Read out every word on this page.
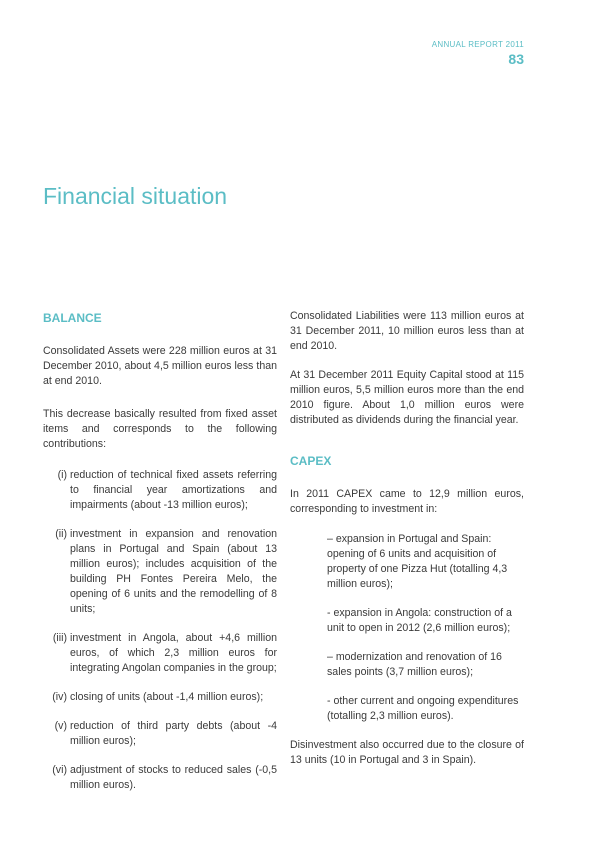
ANNUAL REPORT 2011
83
Financial situation
BALANCE

Consolidated Assets were 228 million euros at 31 December 2010, about 4,5 million euros less than at end 2010.

This decrease basically resulted from fixed asset items and corresponds to the following contributions:

(i) reduction of technical fixed assets referring to financial year amortizations and impairments (about -13 million euros);
(ii) investment in expansion and renovation plans in Portugal and Spain (about 13 million euros); includes acquisition of the building PH Fontes Pereira Melo, the opening of 6 units and the remodelling of 8 units;
(iii) investment in Angola, about +4,6 million euros, of which 2,3 million euros for integrating Angolan companies in the group;
(iv) closing of units (about -1,4 million euros);
(v) reduction of third party debts (about -4 million euros);
(vi) adjustment of stocks to reduced sales (-0,5 million euros).

Consolidated Liabilities were 113 million euros at 31 December 2011, 10 million euros less than at end 2010.

At 31 December 2011 Equity Capital stood at 115 million euros, 5,5 million euros more than the end 2010 figure. About 1,0 million euros were distributed as dividends during the financial year.

CAPEX

In 2011 CAPEX came to 12,9 million euros, corresponding to investment in:

– expansion in Portugal and Spain: opening of 6 units and acquisition of property of one Pizza Hut (totalling 4,3 million euros);
- expansion in Angola: construction of a unit to open in 2012 (2,6 million euros);
– modernization and renovation of 16 sales points (3,7 million euros);
- other current and ongoing expenditures (totalling 2,3 million euros).

Disinvestment also occurred due to the closure of 13 units (10 in Portugal and 3 in Spain).
